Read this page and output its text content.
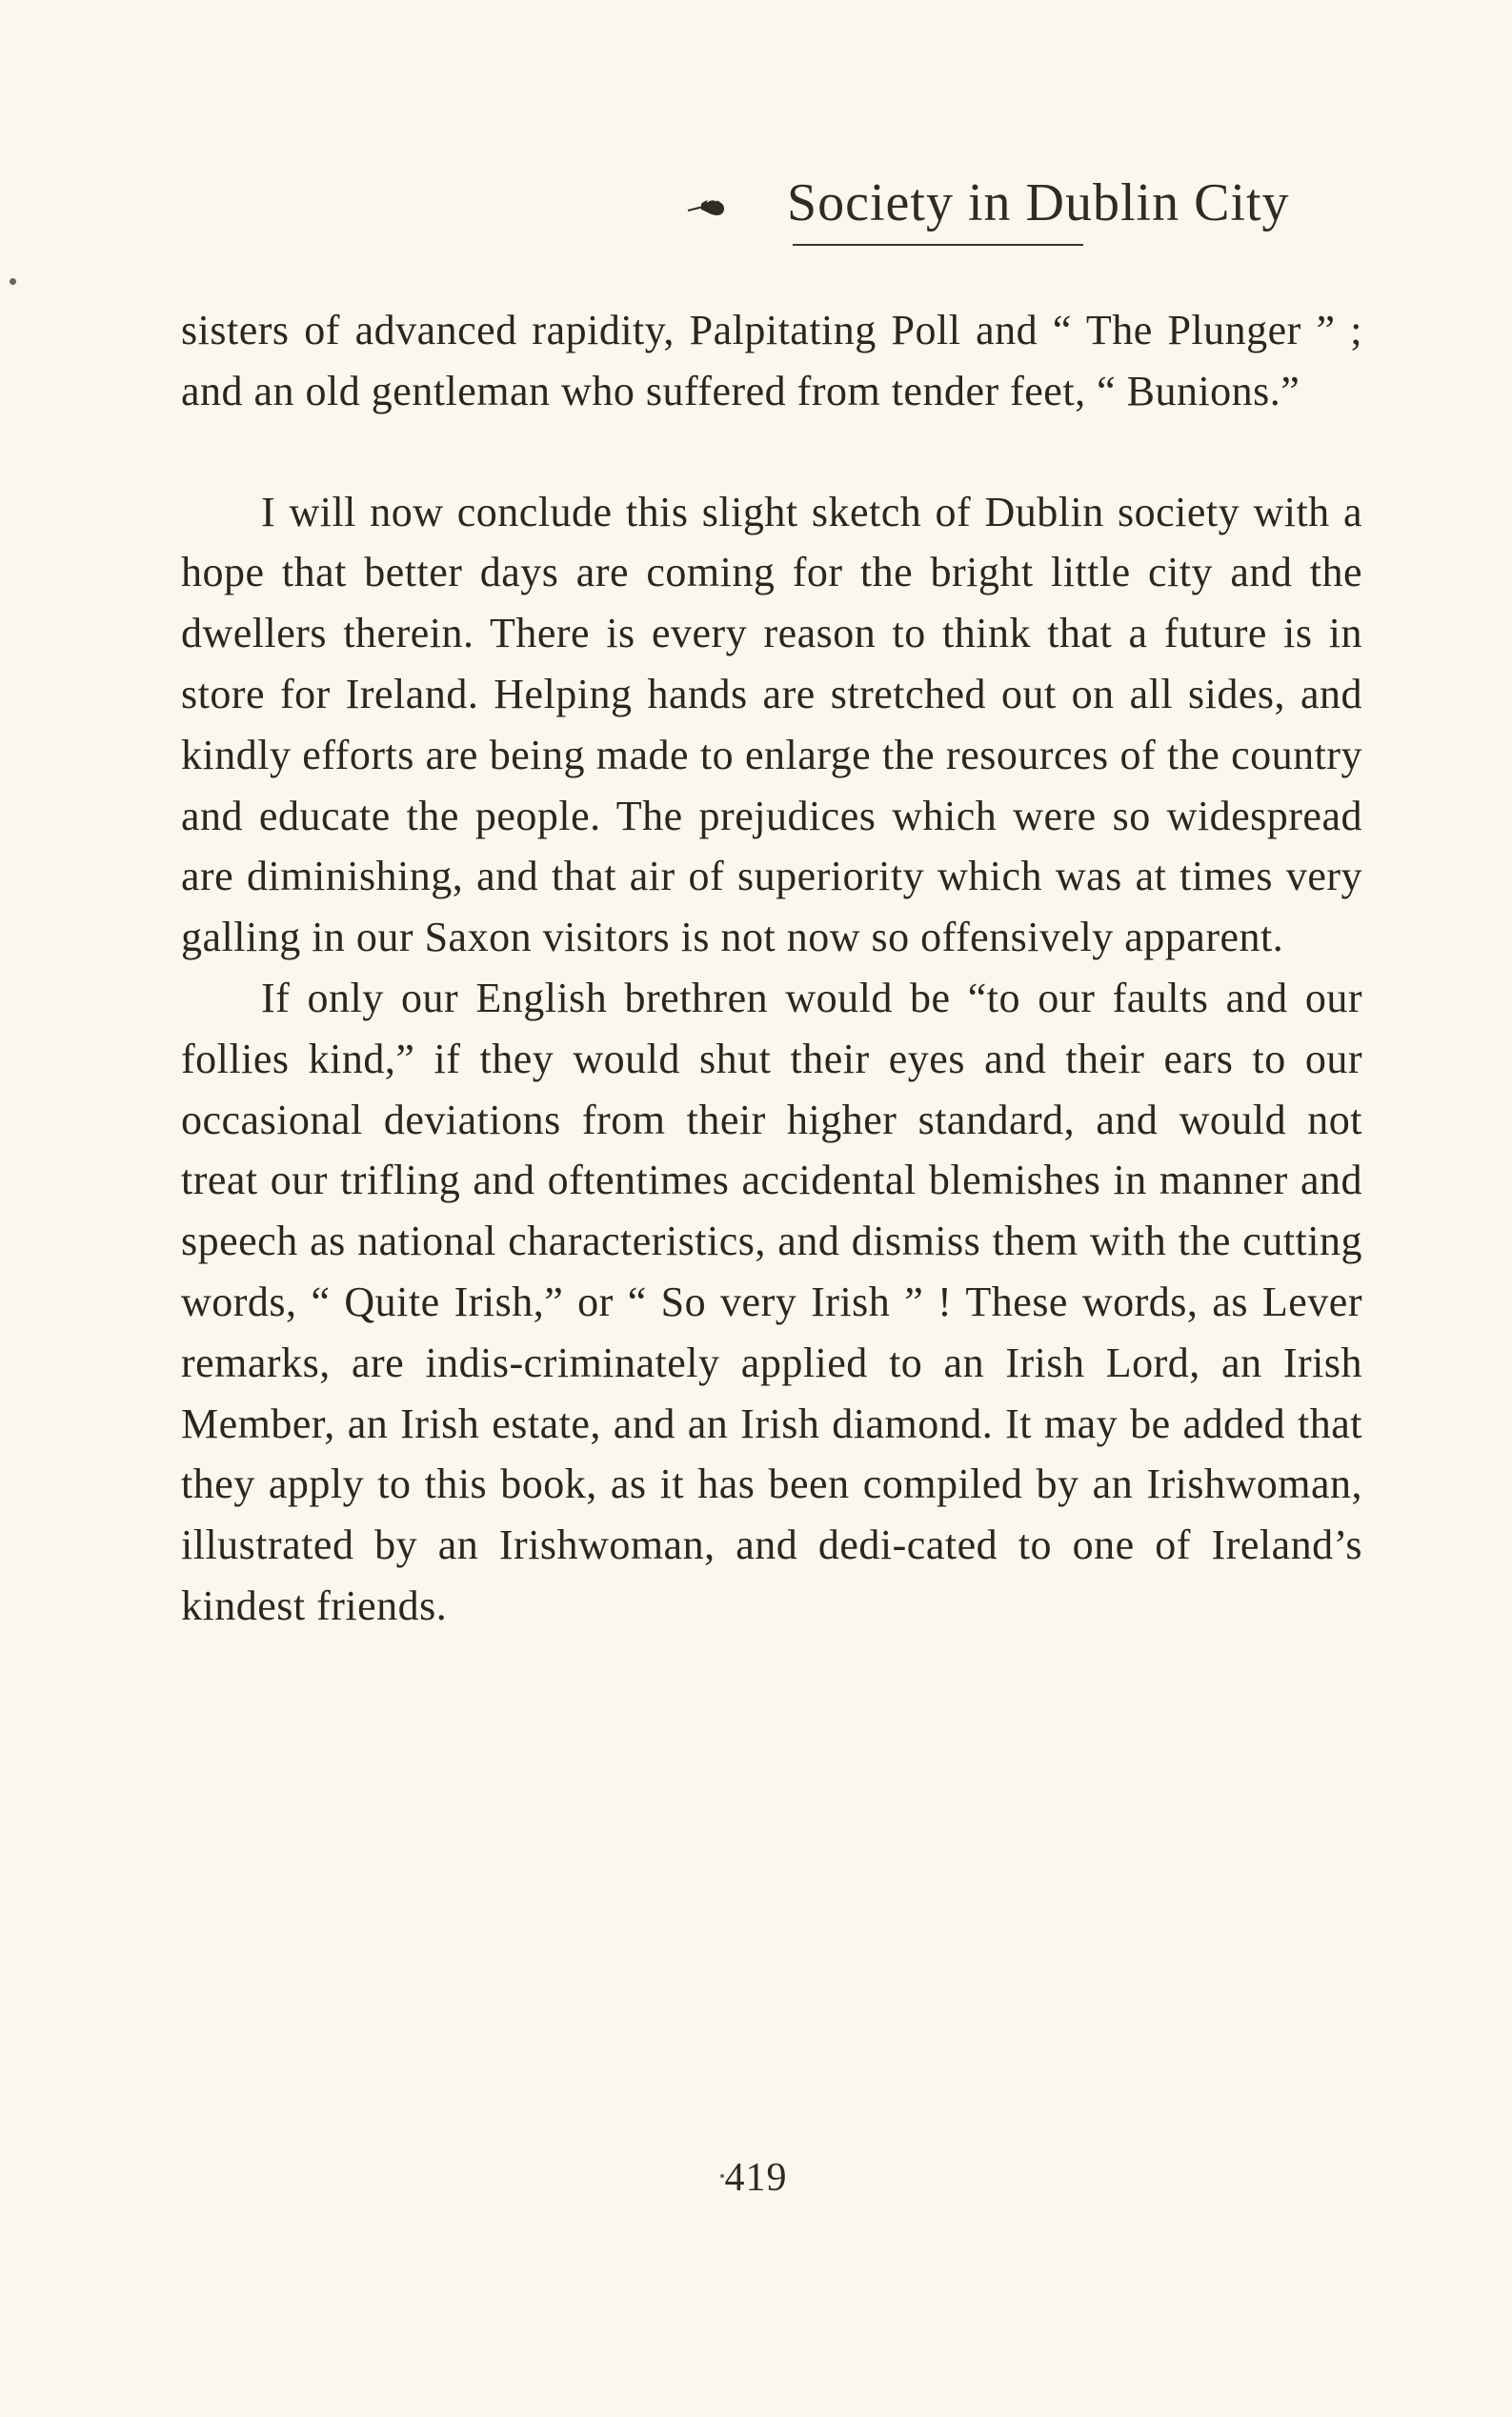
Society in Dublin City

sisters of advanced rapidity, Palpitating Poll and “ The Plunger ” ; and an old gentleman who suffered from tender feet, “ Bunions.”

I will now conclude this slight sketch of Dublin society with a hope that better days are coming for the bright little city and the dwellers therein. There is every reason to think that a future is in store for Ireland. Helping hands are stretched out on all sides, and kindly efforts are being made to enlarge the resources of the country and educate the people. The prejudices which were so widespread are diminishing, and that air of superiority which was at times very galling in our Saxon visitors is not now so offensively apparent.

If only our English brethren would be “to our faults and our follies kind,” if they would shut their eyes and their ears to our occasional deviations from their higher standard, and would not treat our trifling and oftentimes accidental blemishes in manner and speech as national characteristics, and dismiss them with the cutting words, “ Quite Irish,” or “ So very Irish ” ! These words, as Lever remarks, are indis-criminately applied to an Irish Lord, an Irish Member, an Irish estate, and an Irish diamond. It may be added that they apply to this book, as it has been compiled by an Irishwoman, illustrated by an Irishwoman, and dedi-cated to one of Ireland’s kindest friends.

419
